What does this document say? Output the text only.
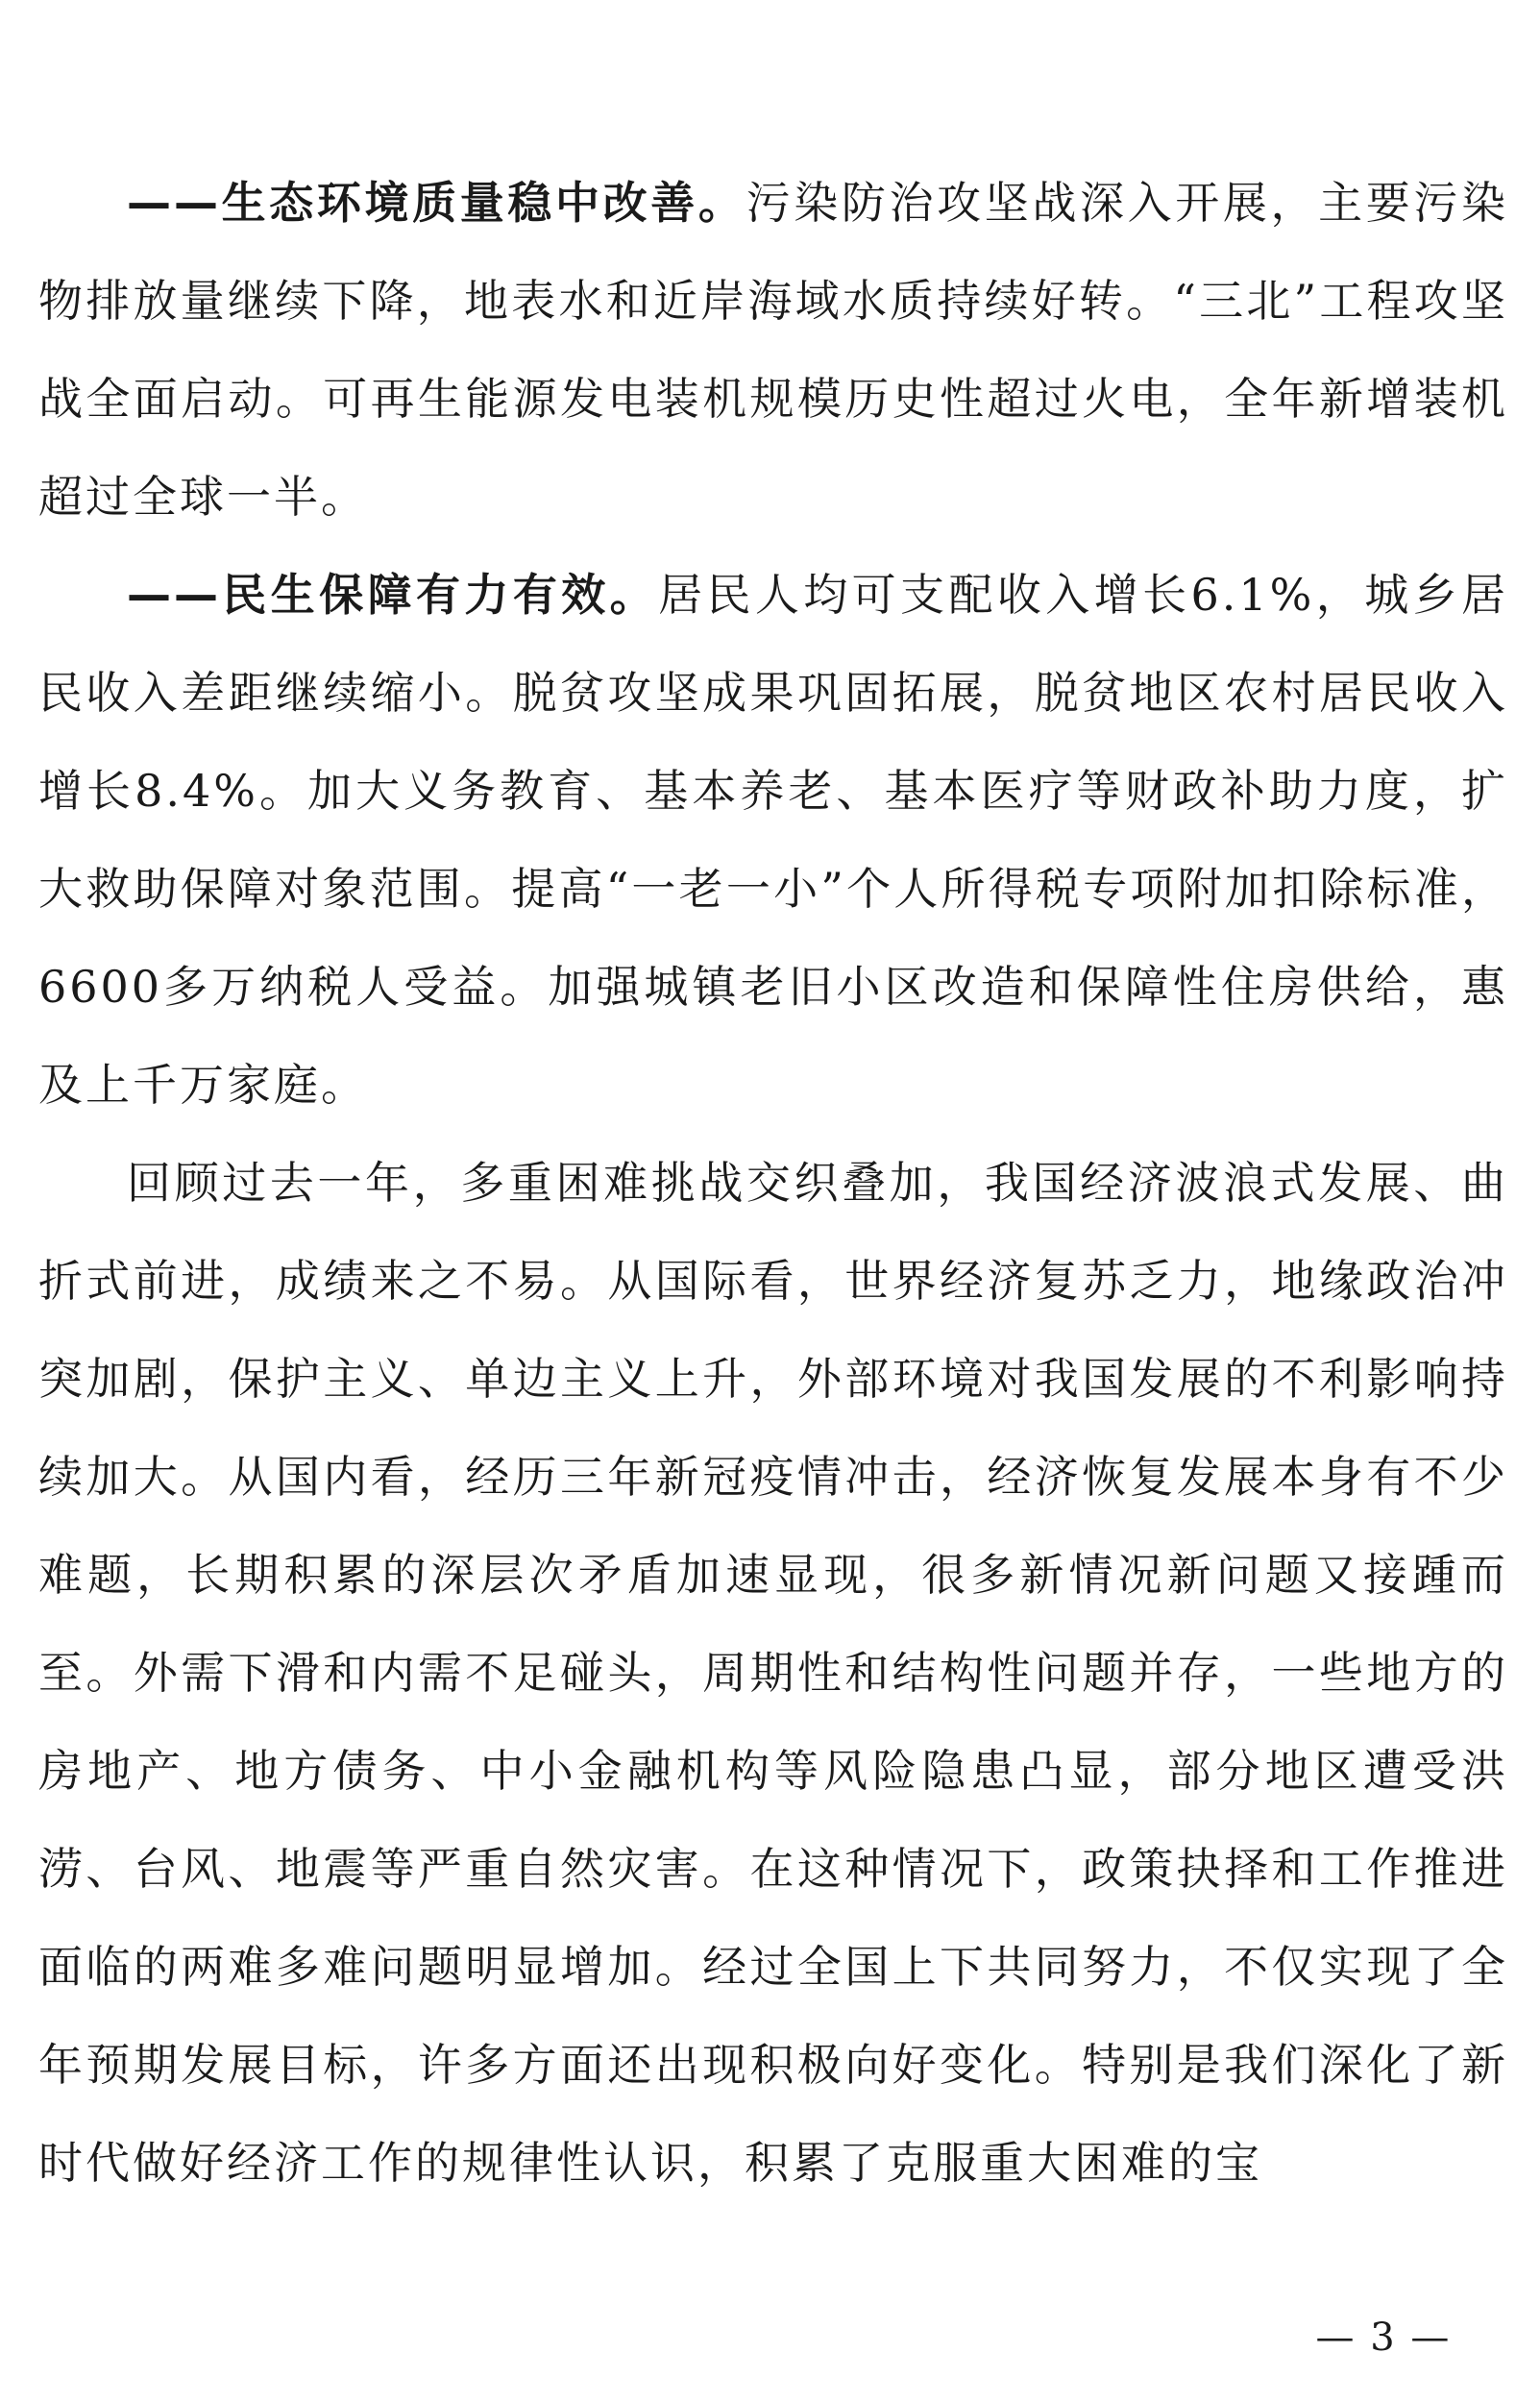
——生态环境质量稳中改善。污染防治攻坚战深入开展，主要污染物排放量继续下降，地表水和近岸海域水质持续好转。“三北”工程攻坚战全面启动。可再生能源发电装机规模历史性超过火电，全年新增装机超过全球一半。

——民生保障有力有效。居民人均可支配收入增长6.1%，城乡居民收入差距继续缩小。脱贫攻坚成果巩固拓展，脱贫地区农村居民收入增长8.4%。加大义务教育、基本养老、基本医疗等财政补助力度，扩大救助保障对象范围。提高“一老一小”个人所得税专项附加扣除标准，6600多万纳税人受益。加强城镇老旧小区改造和保障性住房供给，惠及上千万家庭。

回顾过去一年，多重困难挑战交织叠加，我国经济波浪式发展、曲折式前进，成绩来之不易。从国际看，世界经济复苏乏力，地缘政治冲突加剧，保护主义、单边主义上升，外部环境对我国发展的不利影响持续加大。从国内看，经历三年新冠疫情冲击，经济恢复发展本身有不少难题，长期积累的深层次矛盾加速显现，很多新情况新问题又接踵而至。外需下滑和内需不足碰头，周期性和结构性问题并存，一些地方的房地产、地方债务、中小金融机构等风险隐患凸显，部分地区遭受洪涝、台风、地震等严重自然灾害。在这种情况下，政策抉择和工作推进面临的两难多难问题明显增加。经过全国上下共同努力，不仅实现了全年预期发展目标，许多方面还出现积极向好变化。特别是我们深化了新时代做好经济工作的规律性认识，积累了克服重大困难的宝

— 3 —
